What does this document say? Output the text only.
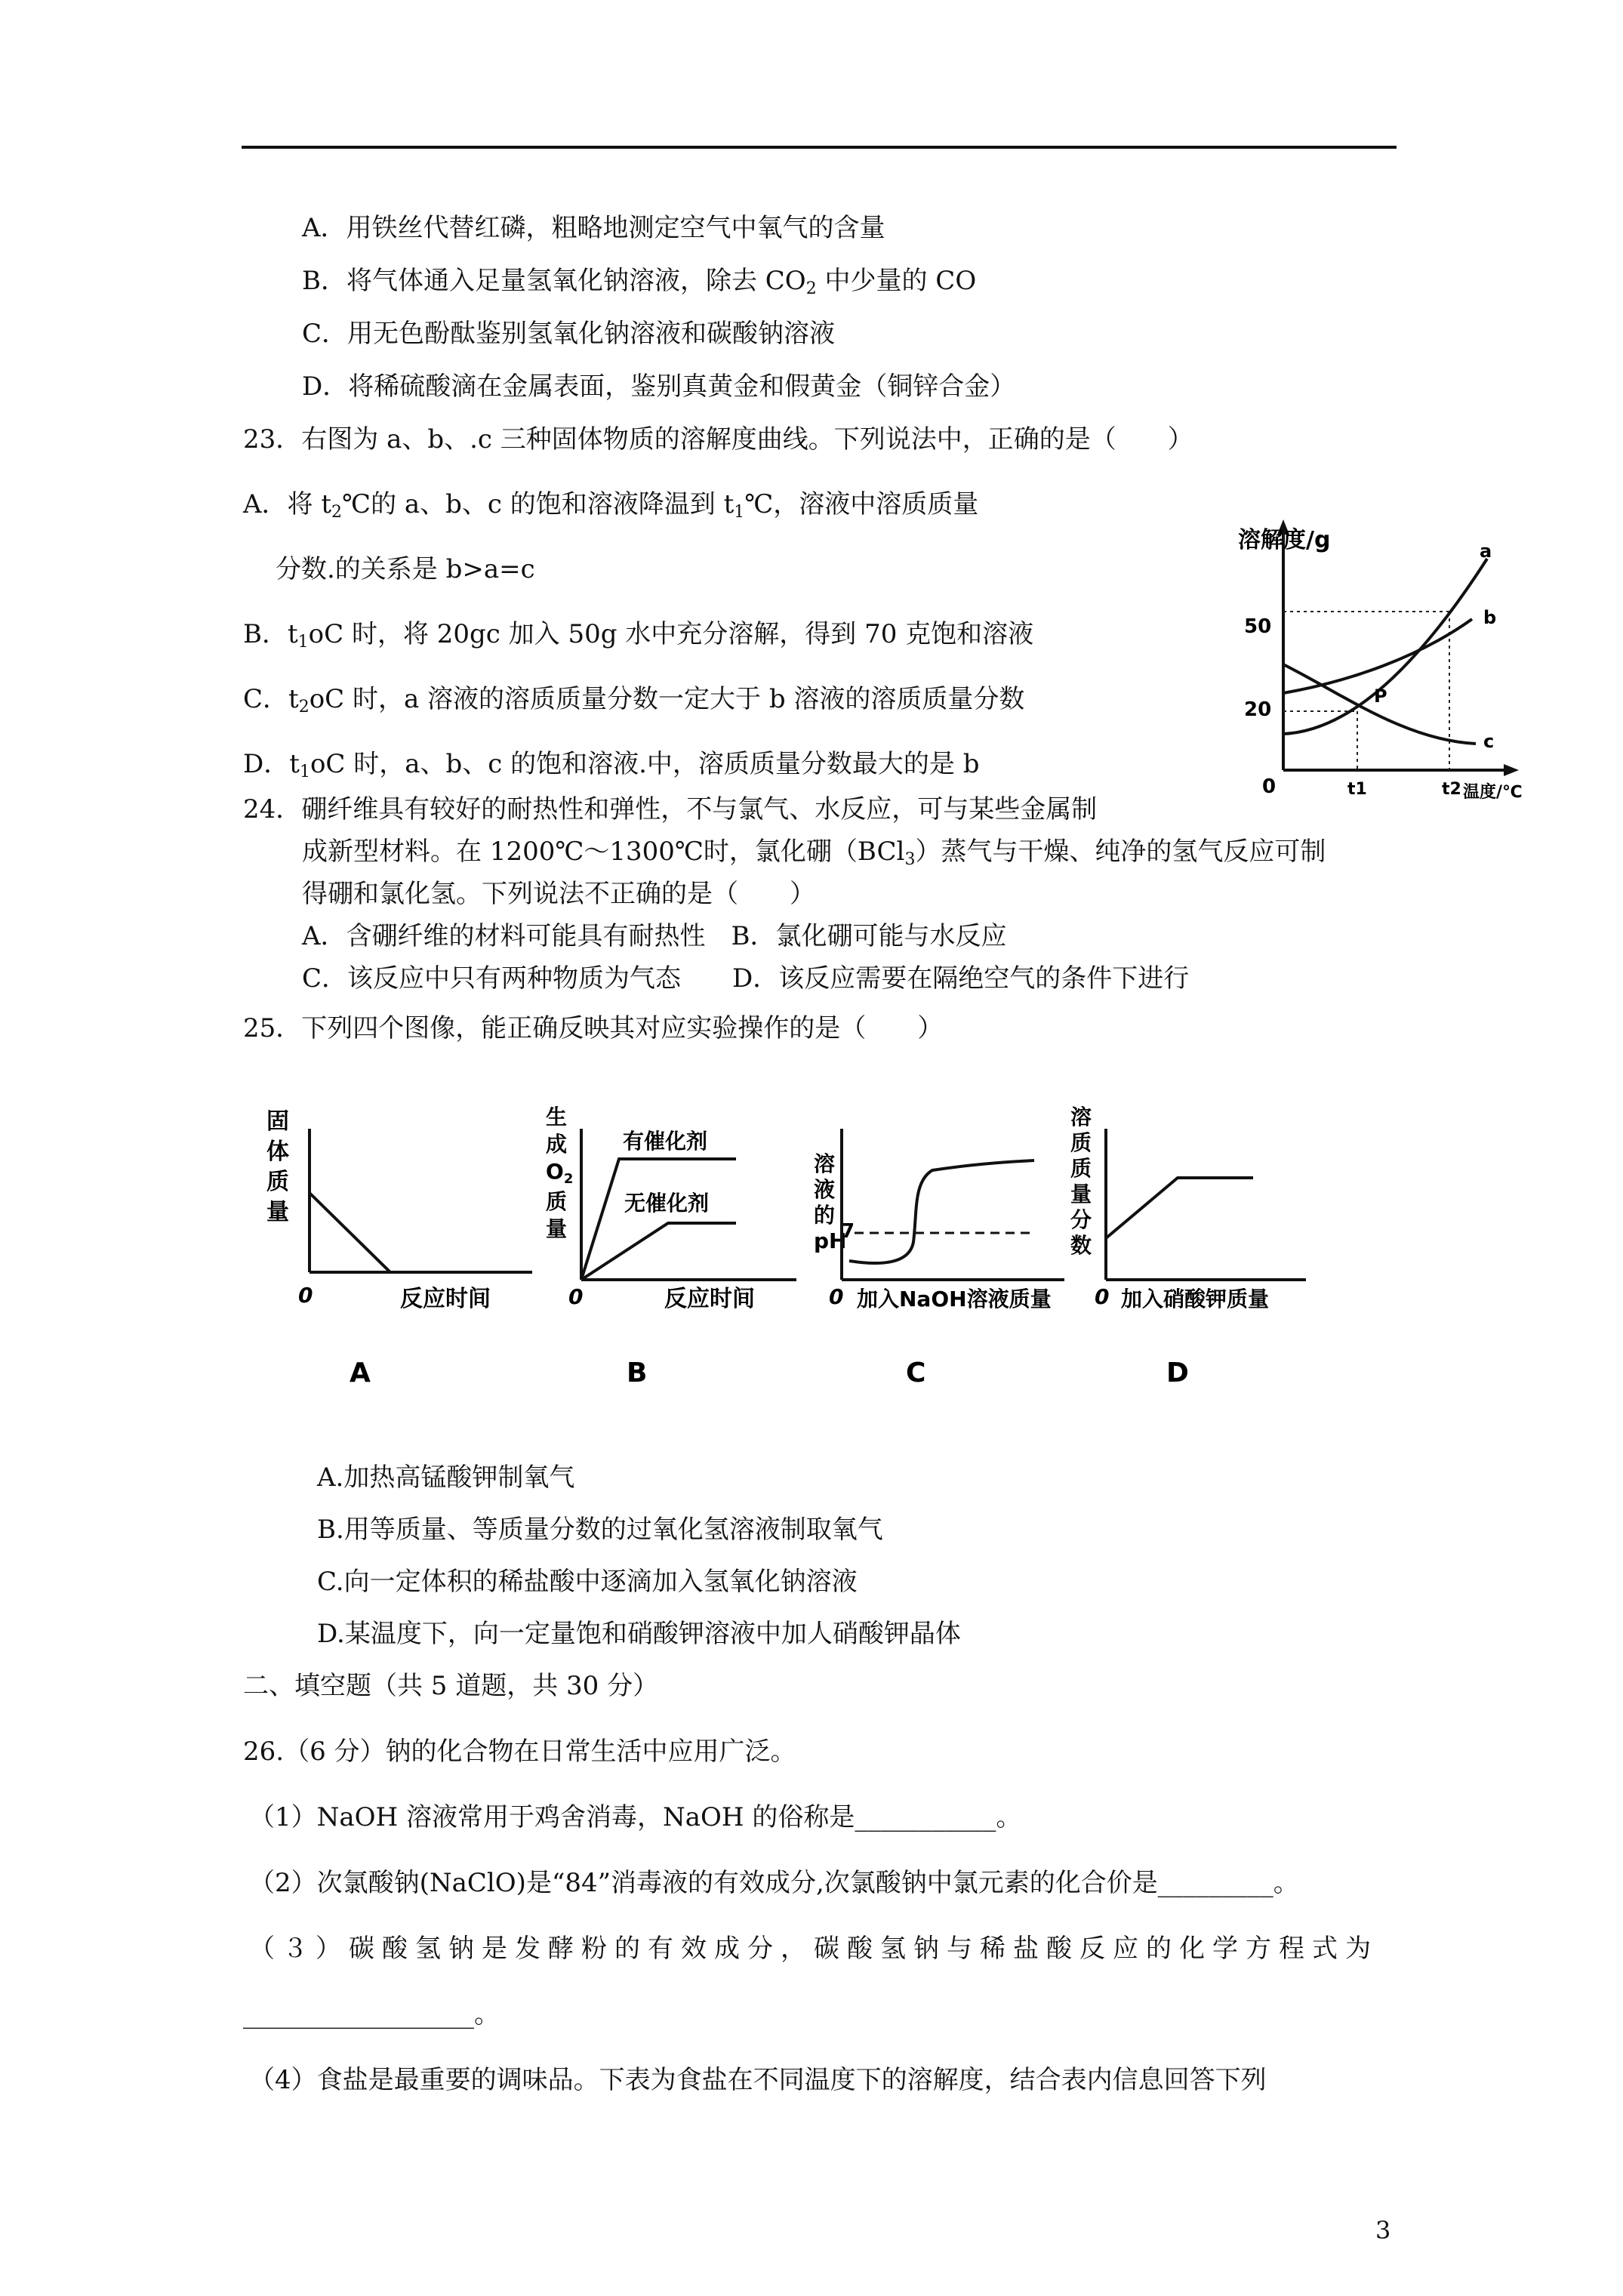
A．用铁丝代替红磷，粗略地测定空气中氧气的含量
B．将气体通入足量氢氧化钠溶液，除去 $CO_2$ 中少量的 CO
C．用无色酚酞鉴别氢氧化钠溶液和碳酸钠溶液
D．将稀硫酸滴在金属表面，鉴别真黄金和假黄金（铜锌合金）
23．右图为 a、b、.c 三种固体物质的溶解度曲线。下列说法中，正确的是（　　）
A．将 $t_2℃$的 a、b、c 的饱和溶液降温到 $t_1℃$，溶液中溶质质量
分数.的关系是 b>a=c
B．$t_1oC$ 时，将 20gc 加入 50g 水中充分溶解，得到 70 克饱和溶液
C．$t_2oC$ 时，a 溶液的溶质质量分数一定大于 b 溶液的溶质质量分数
D．$t_1oC$ 时，a、b、c 的饱和溶液.中，溶质质量分数最大的是 b
溶解度/g
50
20
0
a
b
c
P
t1	t2 温度/℃
24．硼纤维具有较好的耐热性和弹性，不与氯气、水反应，可与某些金属制
成新型材料。在 1200℃～1300℃时，氯化硼（BCl$_3$）蒸气与干燥、纯净的氢气反应可制
得硼和氯化氢。下列说法不正确的是（　　）
A．含硼纤维的材料可能具有耐热性　B．氯化硼可能与水反应
C．该反应中只有两种物质为气态　　D．该反应需要在隔绝空气的条件下进行
25．下列四个图像，能正确反映其对应实验操作的是（　　）
固
体
质
量
0	反应时间
A
生
成
$O_2$
质
量
有催化剂
无催化剂
0	反应时间
B
溶
液
的
pH
7
0 加入NaOH溶液质量
C
溶
质
质
量
分
数
0 加入硝酸钾质量
D
A.加热高锰酸钾制氧气
B.用等质量、等质量分数的过氧化氢溶液制取氧气
C.向一定体积的稀盐酸中逐滴加入氢氧化钠溶液
D.某温度下，向一定量饱和硝酸钾溶液中加人硝酸钾晶体
二、填空题（共 5 道题，共 30 分）
26.（6 分）钠的化合物在日常生活中应用广泛。
（1）NaOH 溶液常用于鸡舍消毒，NaOH 的俗称是___________。
（2）次氯酸钠(NaClO)是“84”消毒液的有效成分,次氯酸钠中氯元素的化合价是_________。
（３）碳酸氢钠是发酵粉的有效成分，碳酸氢钠与稀盐酸反应的化学方程式为
__________________。
（4）食盐是最重要的调味品。下表为食盐在不同温度下的溶解度，结合表内信息回答下列
3
